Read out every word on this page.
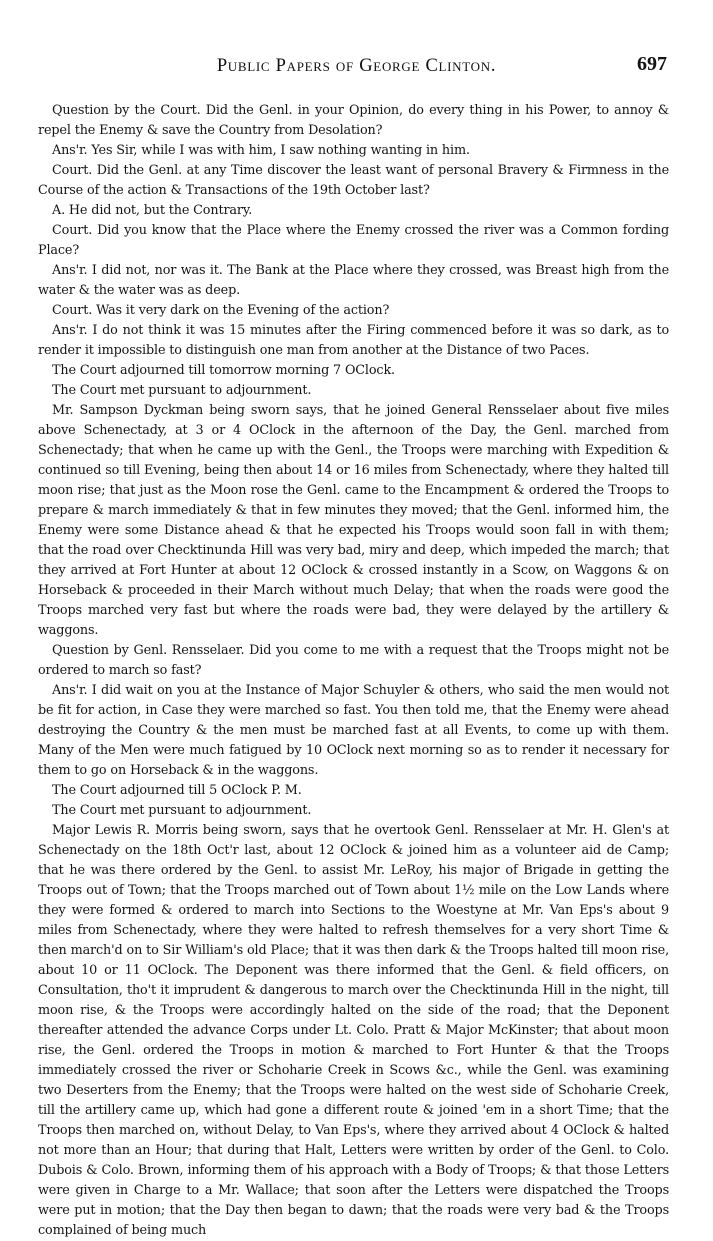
Public Papers of George Clinton.	697

Question by the Court. Did the Genl. in your Opinion, do every thing in his Power, to annoy & repel the Enemy & save the Country from Desolation?

Ans'r. Yes Sir, while I was with him, I saw nothing wanting in him.

Court. Did the Genl. at any Time discover the least want of personal Bravery & Firmness in the Course of the action & Transactions of the 19th October last?

A. He did not, but the Contrary.

Court. Did you know that the Place where the Enemy crossed the river was a Common fording Place?

Ans'r. I did not, nor was it. The Bank at the Place where they crossed, was Breast high from the water & the water was as deep.

Court. Was it very dark on the Evening of the action?

Ans'r. I do not think it was 15 minutes after the Firing commenced before it was so dark, as to render it impossible to distinguish one man from another at the Distance of two Paces.

The Court adjourned till tomorrow morning 7 OClock.

The Court met pursuant to adjournment.

Mr. Sampson Dyckman being sworn says, that he joined General Rensselaer about five miles above Schenectady, at 3 or 4 OClock in the afternoon of the Day, the Genl. marched from Schenectady; that when he came up with the Genl., the Troops were marching with Expedition & continued so till Evening, being then about 14 or 16 miles from Schenectady, where they halted till moon rise; that just as the Moon rose the Genl. came to the Encampment & ordered the Troops to prepare & march immediately & that in few minutes they moved; that the Genl. informed him, the Enemy were some Distance ahead & that he expected his Troops would soon fall in with them; that the road over Checktinunda Hill was very bad, miry and deep, which impeded the march; that they arrived at Fort Hunter at about 12 OClock & crossed instantly in a Scow, on Waggons & on Horseback & proceeded in their March without much Delay; that when the roads were good the Troops marched very fast but where the roads were bad, they were delayed by the artillery & waggons.

Question by Genl. Rensselaer. Did you come to me with a request that the Troops might not be ordered to march so fast?

Ans'r. I did wait on you at the Instance of Major Schuyler & others, who said the men would not be fit for action, in Case they were marched so fast. You then told me, that the Enemy were ahead destroying the Country & the men must be marched fast at all Events, to come up with them. Many of the Men were much fatigued by 10 OClock next morning so as to render it necessary for them to go on Horseback & in the waggons.

The Court adjourned till 5 OClock P. M.

The Court met pursuant to adjournment.

Major Lewis R. Morris being sworn, says that he overtook Genl. Rensselaer at Mr. H. Glen's at Schenectady on the 18th Oct'r last, about 12 OClock & joined him as a volunteer aid de Camp; that he was there ordered by the Genl. to assist Mr. LeRoy, his major of Brigade in getting the Troops out of Town; that the Troops marched out of Town about 1½ mile on the Low Lands where they were formed & ordered to march into Sections to the Woestyne at Mr. Van Eps's about 9 miles from Schenectady, where they were halted to refresh themselves for a very short Time & then march'd on to Sir William's old Place; that it was then dark & the Troops halted till moon rise, about 10 or 11 OClock. The Deponent was there informed that the Genl. & field officers, on Consultation, tho't it imprudent & dangerous to march over the Checktinunda Hill in the night, till moon rise, & the Troops were accordingly halted on the side of the road; that the Deponent thereafter attended the advance Corps under Lt. Colo. Pratt & Major McKinster; that about moon rise, the Genl. ordered the Troops in motion & marched to Fort Hunter & that the Troops immediately crossed the river or Schoharie Creek in Scows &c., while the Genl. was examining two Deserters from the Enemy; that the Troops were halted on the west side of Schoharie Creek, till the artillery came up, which had gone a different route & joined 'em in a short Time; that the Troops then marched on, without Delay, to Van Eps's, where they arrived about 4 OClock & halted not more than an Hour; that during that Halt, Letters were written by order of the Genl. to Colo. Dubois & Colo. Brown, informing them of his approach with a Body of Troops; & that those Letters were given in Charge to a Mr. Wallace; that soon after the Letters were dispatched the Troops were put in motion; that the Day then began to dawn; that the roads were very bad & the Troops complained of being much
